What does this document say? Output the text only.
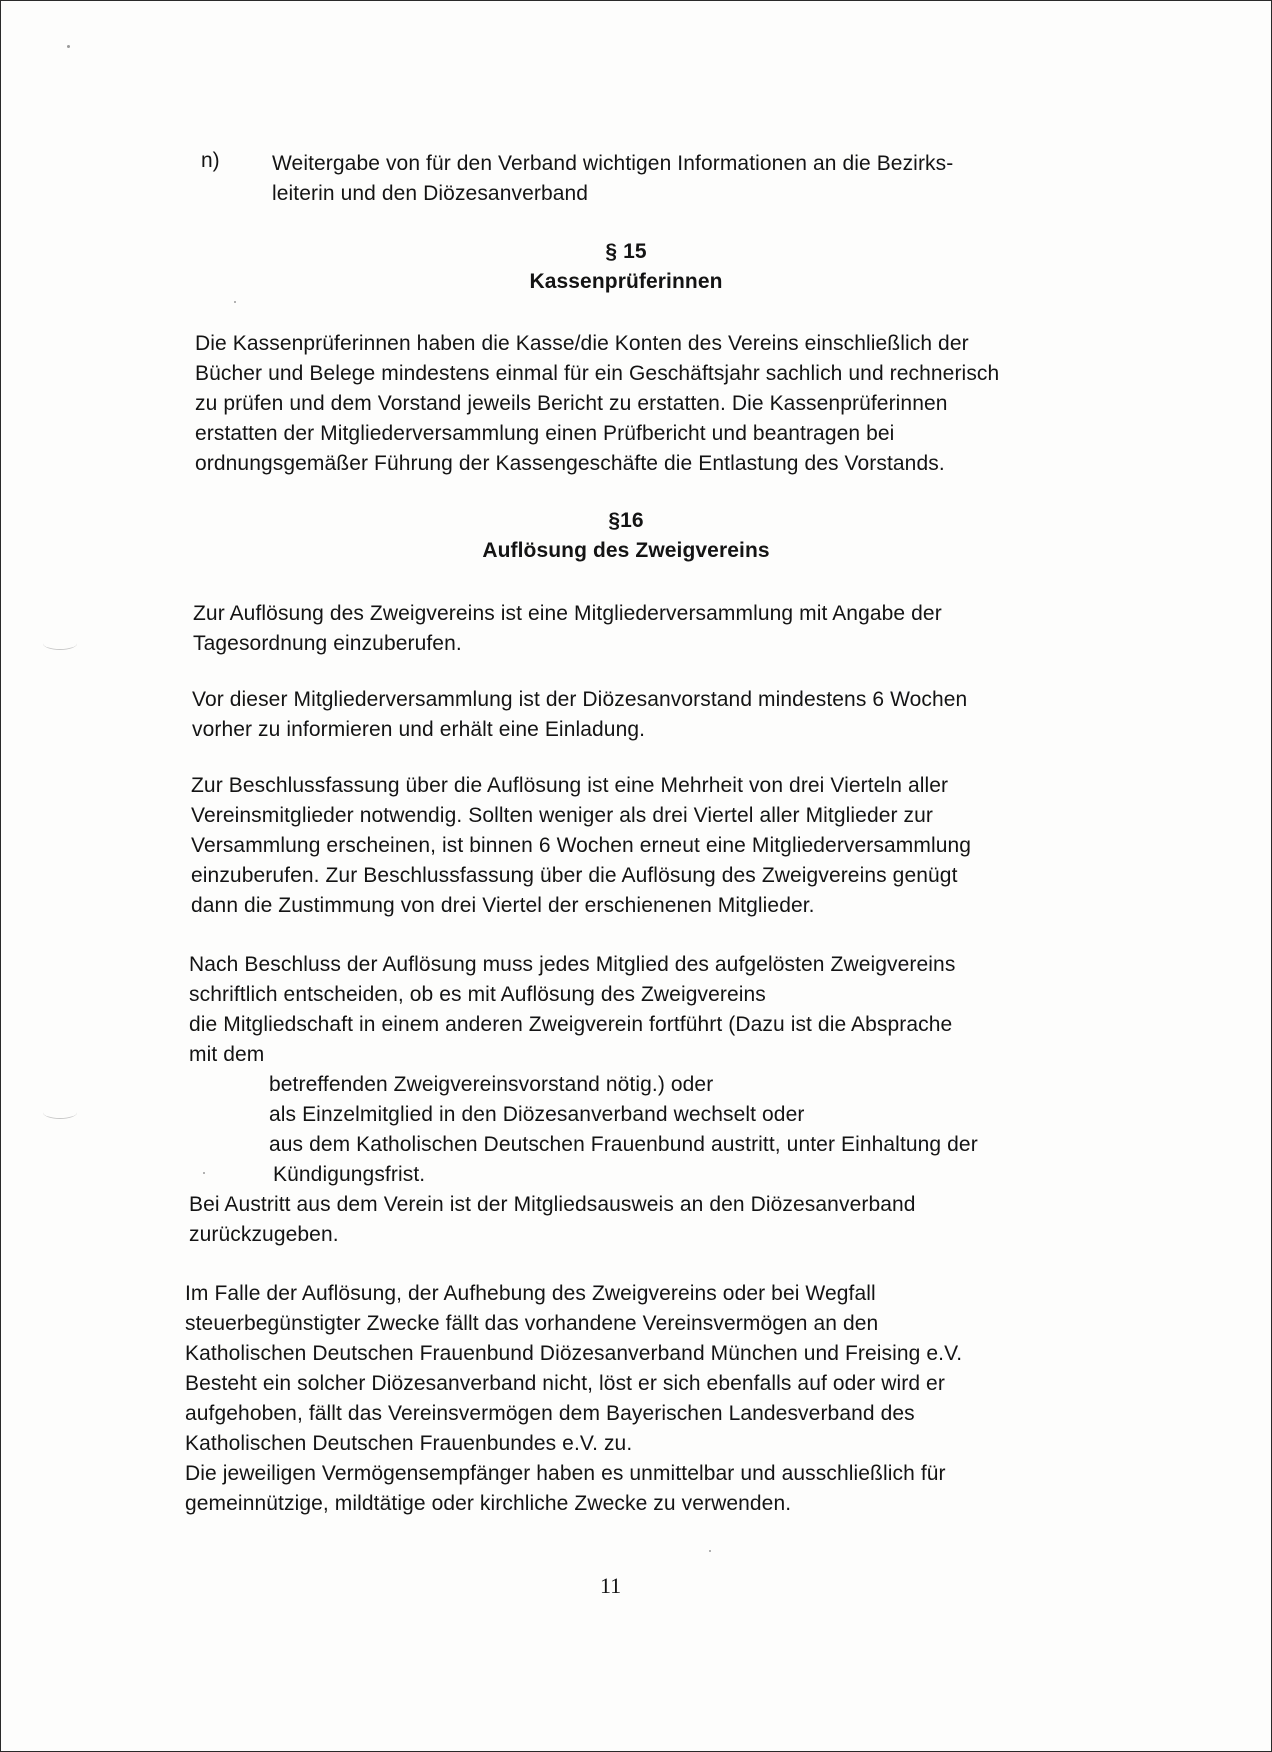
n) Weitergabe von für den Verband wichtigen Informationen an die Bezirks-

leiterin und den Diözesanverband

§ 15

Kassenprüferinnen

Die Kassenprüferinnen haben die Kasse/die Konten des Vereins einschließlich der

Bücher und Belege mindestens einmal für ein Geschäftsjahr sachlich und rechnerisch

zu prüfen und dem Vorstand jeweils Bericht zu erstatten. Die Kassenprüferinnen

erstatten der Mitgliederversammlung einen Prüfbericht und beantragen bei

ordnungsgemäßer Führung der Kassengeschäfte die Entlastung des Vorstands.

§16

Auflösung des Zweigvereins

Zur Auflösung des Zweigvereins ist eine Mitgliederversammlung mit Angabe der

Tagesordnung einzuberufen.

Vor dieser Mitgliederversammlung ist der Diözesanvorstand mindestens 6 Wochen

vorher zu informieren und erhält eine Einladung.

Zur Beschlussfassung über die Auflösung ist eine Mehrheit von drei Vierteln aller

Vereinsmitglieder notwendig. Sollten weniger als drei Viertel aller Mitglieder zur

Versammlung erscheinen, ist binnen 6 Wochen erneut eine Mitgliederversammlung

einzuberufen. Zur Beschlussfassung über die Auflösung des Zweigvereins genügt

dann die Zustimmung von drei Viertel der erschienenen Mitglieder.

Nach Beschluss der Auflösung muss jedes Mitglied des aufgelösten Zweigvereins

schriftlich entscheiden, ob es mit Auflösung des Zweigvereins

die Mitgliedschaft in einem anderen Zweigverein fortführt (Dazu ist die Absprache

mit dem

betreffenden Zweigvereinsvorstand nötig.) oder

als Einzelmitglied in den Diözesanverband wechselt oder

aus dem Katholischen Deutschen Frauenbund austritt, unter Einhaltung der

Kündigungsfrist.

Bei Austritt aus dem Verein ist der Mitgliedsausweis an den Diözesanverband

zurückzugeben.

Im Falle der Auflösung, der Aufhebung des Zweigvereins oder bei Wegfall

steuerbegünstigter Zwecke fällt das vorhandene Vereinsvermögen an den

Katholischen Deutschen Frauenbund Diözesanverband München und Freising e.V.

Besteht ein solcher Diözesanverband nicht, löst er sich ebenfalls auf oder wird er

aufgehoben, fällt das Vereinsvermögen dem Bayerischen Landesverband des

Katholischen Deutschen Frauenbundes e.V. zu.

Die jeweiligen Vermögensempfänger haben es unmittelbar und ausschließlich für

gemeinnützige, mildtätige oder kirchliche Zwecke zu verwenden.

11
